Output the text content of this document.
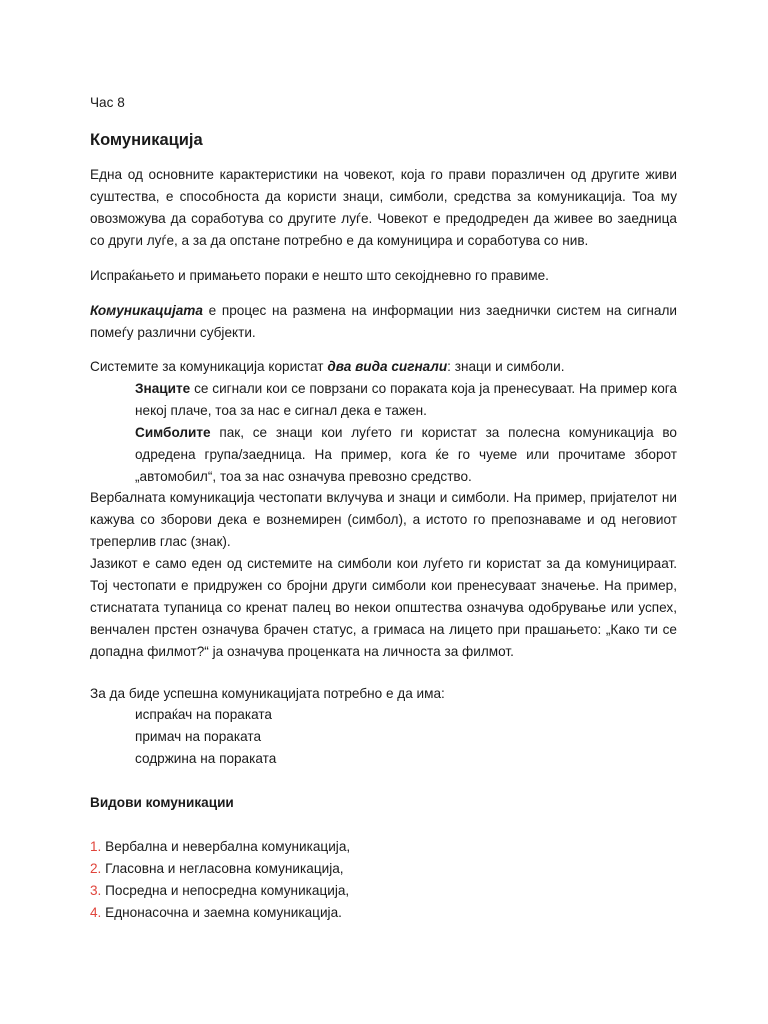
Час 8

Комуникација

Една од основните карактеристики на човекот, која го прави поразличен од другите живи суштества, е способноста да користи знаци, симболи, средства за комуникација. Тоа му овозможува да соработува со другите луѓе. Човекот е предодреден да живее во заедница со други луѓе, а за да опстане потребно е да комуницира и соработува со нив.

Испраќањето и примањето пораки е нешто што секојдневно го правиме.

Комуникацијата е процес на размена на информации низ заеднички систем на сигнали помеѓу различни субјекти.

Системите за комуникација користат два вида сигнали: знаци и симболи.

Знаците се сигнали кои се поврзани со пораката која ја пренесуваат. На пример кога некој плаче, тоа за нас е сигнал дека е тажен.

Симболите пак, се знаци кои луѓето ги користат за полесна комуникација во одредена група/заедница. На пример, кога ќе го чуеме или прочитаме зборот „автомобил“, тоа за нас означува превозно средство.

Вербалната комуникација честопати вклучува и знаци и симболи. На пример, пријателот ни кажува со зборови дека е вознемирен (симбол), а истото го препознаваме и од неговиот треперлив глас (знак).

Јазикот е само еден од системите на симболи кои луѓето ги користат за да комуницираат. Тој честопати е придружен со бројни други симболи кои пренесуваат значење. На пример, стиснатата тупаница со кренат палец во некои општества означува одобрување или успех, венчален прстен означува брачен статус, а гримаса на лицето при прашањето: „Како ти се допадна филмот?“ ја означува проценката на личноста за филмот.

За да биде успешна комуникацијата потребно е да има:

испраќач на пораката

примач на пораката

содржина на пораката

Видови комуникации

1. Вербална и невербална комуникација,

2. Гласовна и негласовна комуникација,

3. Посредна и непосредна комуникација,

4. Еднонасочна и заемна комуникација.
